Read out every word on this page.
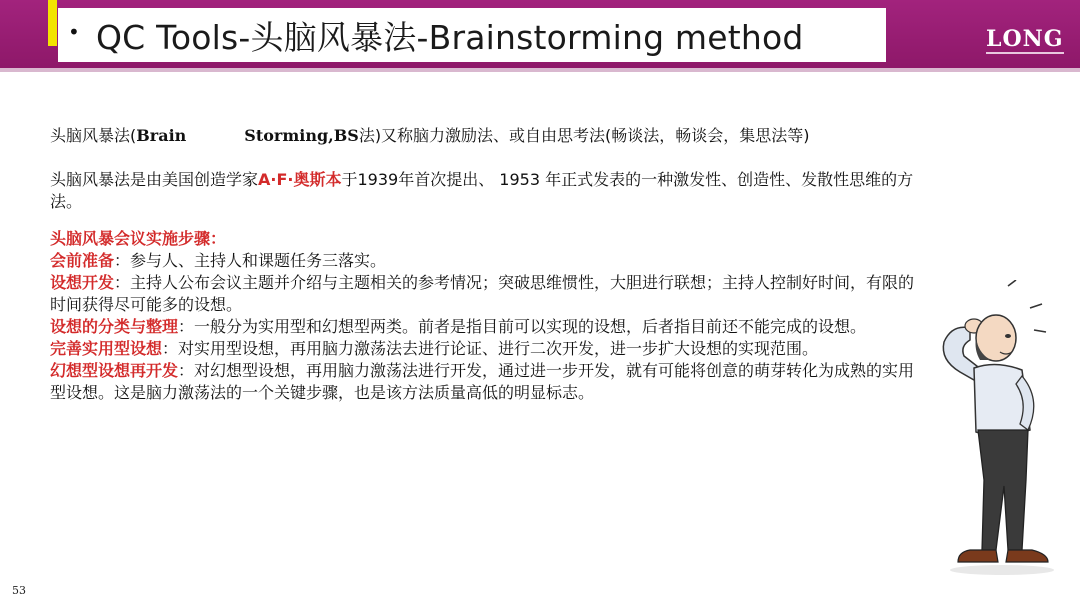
• QC Tools-头脑风暴法-Brainstorming method	LONG

头脑风暴法(Brain	Storming,BS法)又称脑力激励法、或自由思考法(畅谈法，畅谈会，集思法等)

头脑风暴法是由美国创造学家A·F·奥斯本于1939年首次提出、 1953 年正式发表的一种激发性、创造性、发散性思维的方法。

头脑风暴会议实施步骤：

会前准备：参与人、主持人和课题任务三落实。

设想开发：主持人公布会议主题并介绍与主题相关的参考情况；突破思维惯性，大胆进行联想；主持人控制好时间，有限的时间获得尽可能多的设想。

设想的分类与整理：一般分为实用型和幻想型两类。前者是指目前可以实现的设想，后者指目前还不能完成的设想。

完善实用型设想：对实用型设想，再用脑力激荡法去进行论证、进行二次开发，进一步扩大设想的实现范围。

幻想型设想再开发：对幻想型设想，再用脑力激荡法进行开发，通过进一步开发，就有可能将创意的萌芽转化为成熟的实用型设想。这是脑力激荡法的一个关键步骤，也是该方法质量高低的明显标志。

53
